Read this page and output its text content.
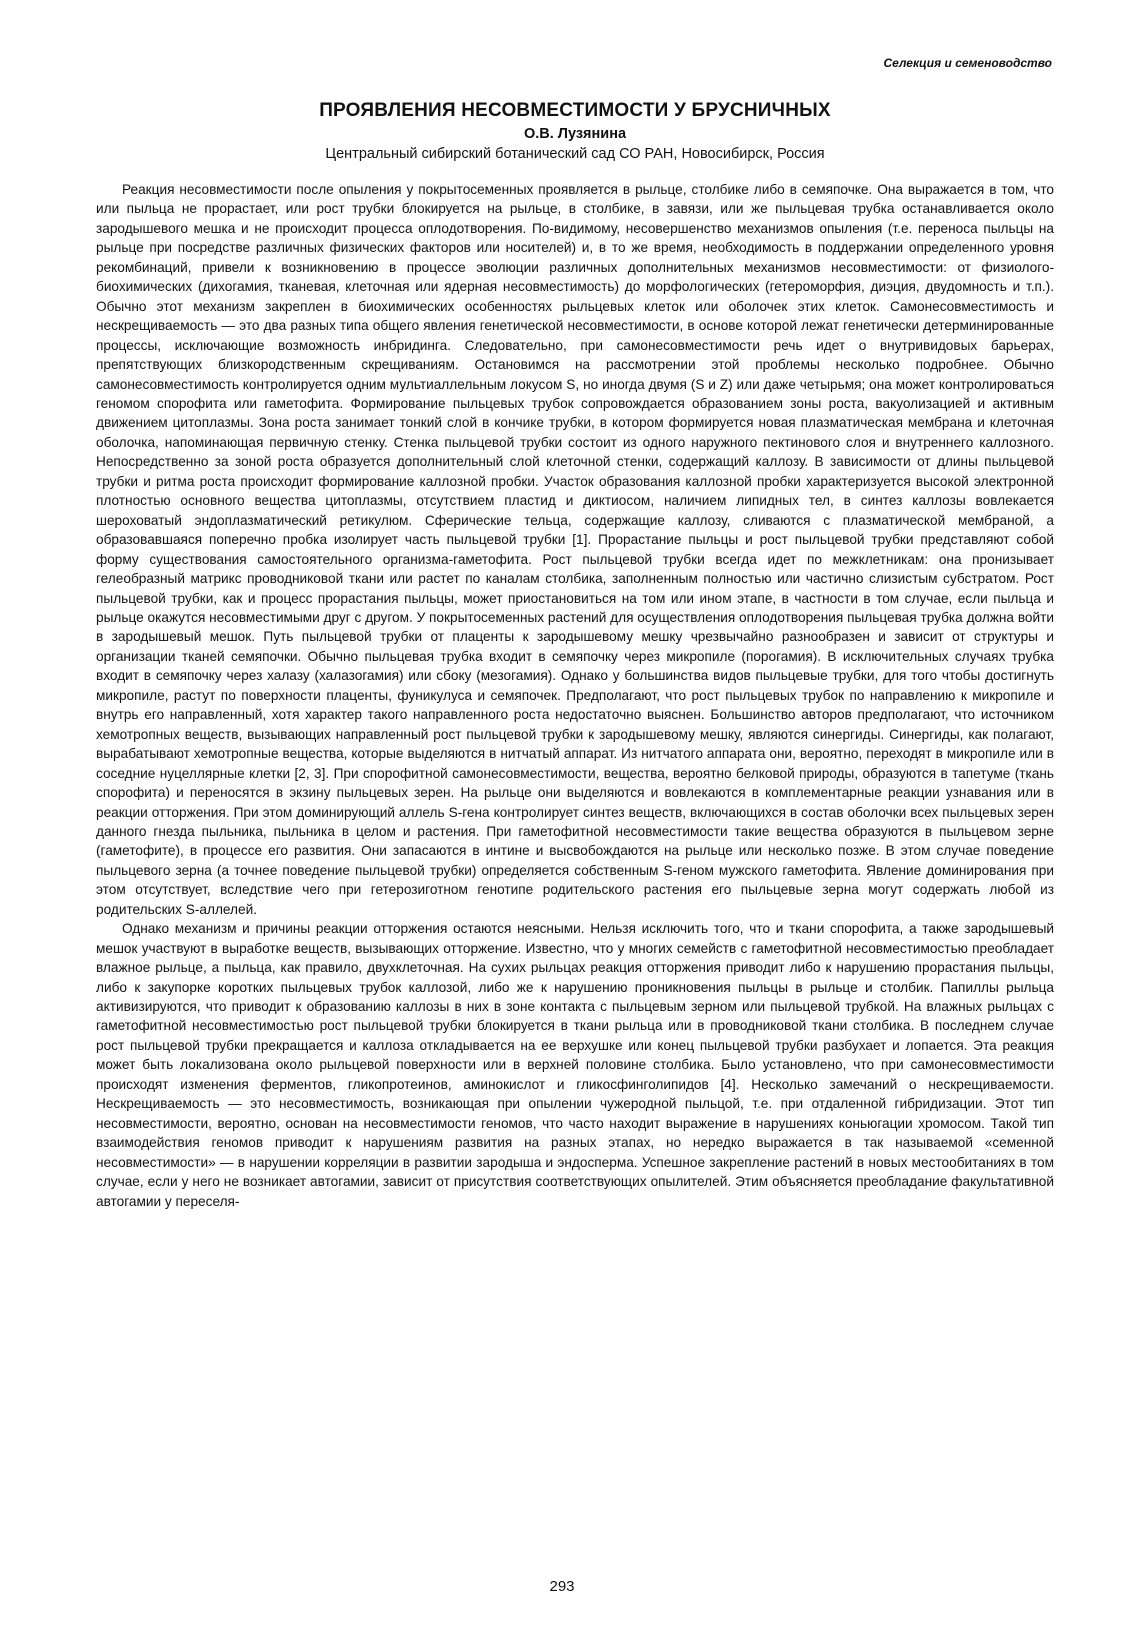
Селекция и семеноводство
ПРОЯВЛЕНИЯ НЕСОВМЕСТИМОСТИ У БРУСНИЧНЫХ
О.В. Лузянина
Центральный сибирский ботанический сад СО РАН, Новосибирск, Россия

Реакция несовместимости после опыления у покрытосеменных проявляется в рыльце, столбике либо в семяпочке. Она выражается в том, что или пыльца не прорастает, или рост трубки блокируется на рыльце, в столбике, в завязи, или же пыльцевая трубка останавливается около зародышевого мешка и не происходит процесса оплодотворения. По-видимому, несовершенство механизмов опыления (т.е. переноса пыльцы на рыльце при посредстве различных физических факторов или носителей) и, в то же время, необходимость в поддержании определенного уровня рекомбинаций, привели к возникновению в процессе эволюции различных дополнительных механизмов несовместимости: от физиолого-биохимических (дихогамия, тканевая, клеточная или ядерная несовместимость) до морфологических (гетероморфия, диэция, двудомность и т.п.). Обычно этот механизм закреплен в биохимических особенностях рыльцевых клеток или оболочек этих клеток. Самонесовместимость и нескрещиваемость — это два разных типа общего явления генетической несовместимости, в основе которой лежат генетически детерминированные процессы, исключающие возможность инбридинга. Следовательно, при самонесовместимости речь идет о внутривидовых барьерах, препятствующих близкородственным скрещиваниям. Остановимся на рассмотрении этой проблемы несколько подробнее. Обычно самонесовместимость контролируется одним мультиаллельным локусом S, но иногда двумя (S и Z) или даже четырьмя; она может контролироваться геномом спорофита или гаметофита. Формирование пыльцевых трубок сопровождается образованием зоны роста, вакуолизацией и активным движением цитоплазмы. Зона роста занимает тонкий слой в кончике трубки, в котором формируется новая плазматическая мембрана и клеточная оболочка, напоминающая первичную стенку. Стенка пыльцевой трубки состоит из одного наружного пектинового слоя и внутреннего каллозного. Непосредственно за зоной роста образуется дополнительный слой клеточной стенки, содержащий каллозу. В зависимости от длины пыльцевой трубки и ритма роста происходит формирование каллозной пробки. Участок образования каллозной пробки характеризуется высокой электронной плотностью основного вещества цитоплазмы, отсутствием пластид и диктиосом, наличием липидных тел, в синтез каллозы вовлекается шероховатый эндоплазматический ретикулюм. Сферические тельца, содержащие каллозу, сливаются с плазматической мембраной, а образовавшаяся поперечно пробка изолирует часть пыльцевой трубки [1]. Прорастание пыльцы и рост пыльцевой трубки представляют собой форму существования самостоятельного организма-гаметофита. Рост пыльцевой трубки всегда идет по межклетникам: она пронизывает гелеобразный матрикс проводниковой ткани или растет по каналам столбика, заполненным полностью или частично слизистым субстратом. Рост пыльцевой трубки, как и процесс прорастания пыльцы, может приостановиться на том или ином этапе, в частности в том случае, если пыльца и рыльце окажутся несовместимыми друг с другом. У покрытосеменных растений для осуществления оплодотворения пыльцевая трубка должна войти в зародышевый мешок. Путь пыльцевой трубки от плаценты к зародышевому мешку чрезвычайно разнообразен и зависит от структуры и организации тканей семяпочки. Обычно пыльцевая трубка входит в семяпочку через микропиле (порогамия). В исключительных случаях трубка входит в семяпочку через халазу (халазогамия) или сбоку (мезогамия). Однако у большинства видов пыльцевые трубки, для того чтобы достигнуть микропиле, растут по поверхности плаценты, фуникулуса и семяпочек. Предполагают, что рост пыльцевых трубок по направлению к микропиле и внутрь его направленный, хотя характер такого направленного роста недостаточно выяснен. Большинство авторов предполагают, что источником хемотропных веществ, вызывающих направленный рост пыльцевой трубки к зародышевому мешку, являются синергиды. Синергиды, как полагают, вырабатывают хемотропные вещества, которые выделяются в нитчатый аппарат. Из нитчатого аппарата они, вероятно, переходят в микропиле или в соседние нуцеллярные клетки [2, 3]. При спорофитной самонесовместимости, вещества, вероятно белковой природы, образуются в тапетуме (ткань спорофита) и переносятся в экзину пыльцевых зерен. На рыльце они выделяются и вовлекаются в комплементарные реакции узнавания или в реакции отторжения. При этом доминирующий аллель S-гена контролирует синтез веществ, включающихся в состав оболочки всех пыльцевых зерен данного гнезда пыльника, пыльника в целом и растения. При гаметофитной несовместимости такие вещества образуются в пыльцевом зерне (гаметофите), в процессе его развития. Они запасаются в интине и высвобождаются на рыльце или несколько позже. В этом случае поведение пыльцевого зерна (а точнее поведение пыльцевой трубки) определяется собственным S-геном мужского гаметофита. Явление доминирования при этом отсутствует, вследствие чего при гетерозиготном генотипе родительского растения его пыльцевые зерна могут содержать любой из родительских S-аллелей.

Однако механизм и причины реакции отторжения остаются неясными. Нельзя исключить того, что и ткани спорофита, а также зародышевый мешок участвуют в выработке веществ, вызывающих отторжение. Известно, что у многих семейств с гаметофитной несовместимостью преобладает влажное рыльце, а пыльца, как правило, двухклеточная. На сухих рыльцах реакция отторжения приводит либо к нарушению прорастания пыльцы, либо к закупорке коротких пыльцевых трубок каллозой, либо же к нарушению проникновения пыльцы в рыльце и столбик. Папиллы рыльца активизируются, что приводит к образованию каллозы в них в зоне контакта с пыльцевым зерном или пыльцевой трубкой. На влажных рыльцах с гаметофитной несовместимостью рост пыльцевой трубки блокируется в ткани рыльца или в проводниковой ткани столбика. В последнем случае рост пыльцевой трубки прекращается и каллоза откладывается на ее верхушке или конец пыльцевой трубки разбухает и лопается. Эта реакция может быть локализована около рыльцевой поверхности или в верхней половине столбика. Было установлено, что при самонесовместимости происходят изменения ферментов, гликопротеинов, аминокислот и гликосфинголипидов [4]. Несколько замечаний о нескрещиваемости. Нескрещиваемость — это несовместимость, возникающая при опылении чужеродной пыльцой, т.е. при отдаленной гибридизации. Этот тип несовместимости, вероятно, основан на несовместимости геномов, что часто находит выражение в нарушениях коньюгации хромосом. Такой тип взаимодействия геномов приводит к нарушениям развития на разных этапах, но нередко выражается в так называемой «семенной несовместимости» — в нарушении корреляции в развитии зародыша и эндосперма. Успешное закрепление растений в новых местообитаниях в том случае, если у него не возникает автогамии, зависит от присутствия соответствующих опылителей. Этим объясняется преобладание факультативной автогамии у переселя-

293
